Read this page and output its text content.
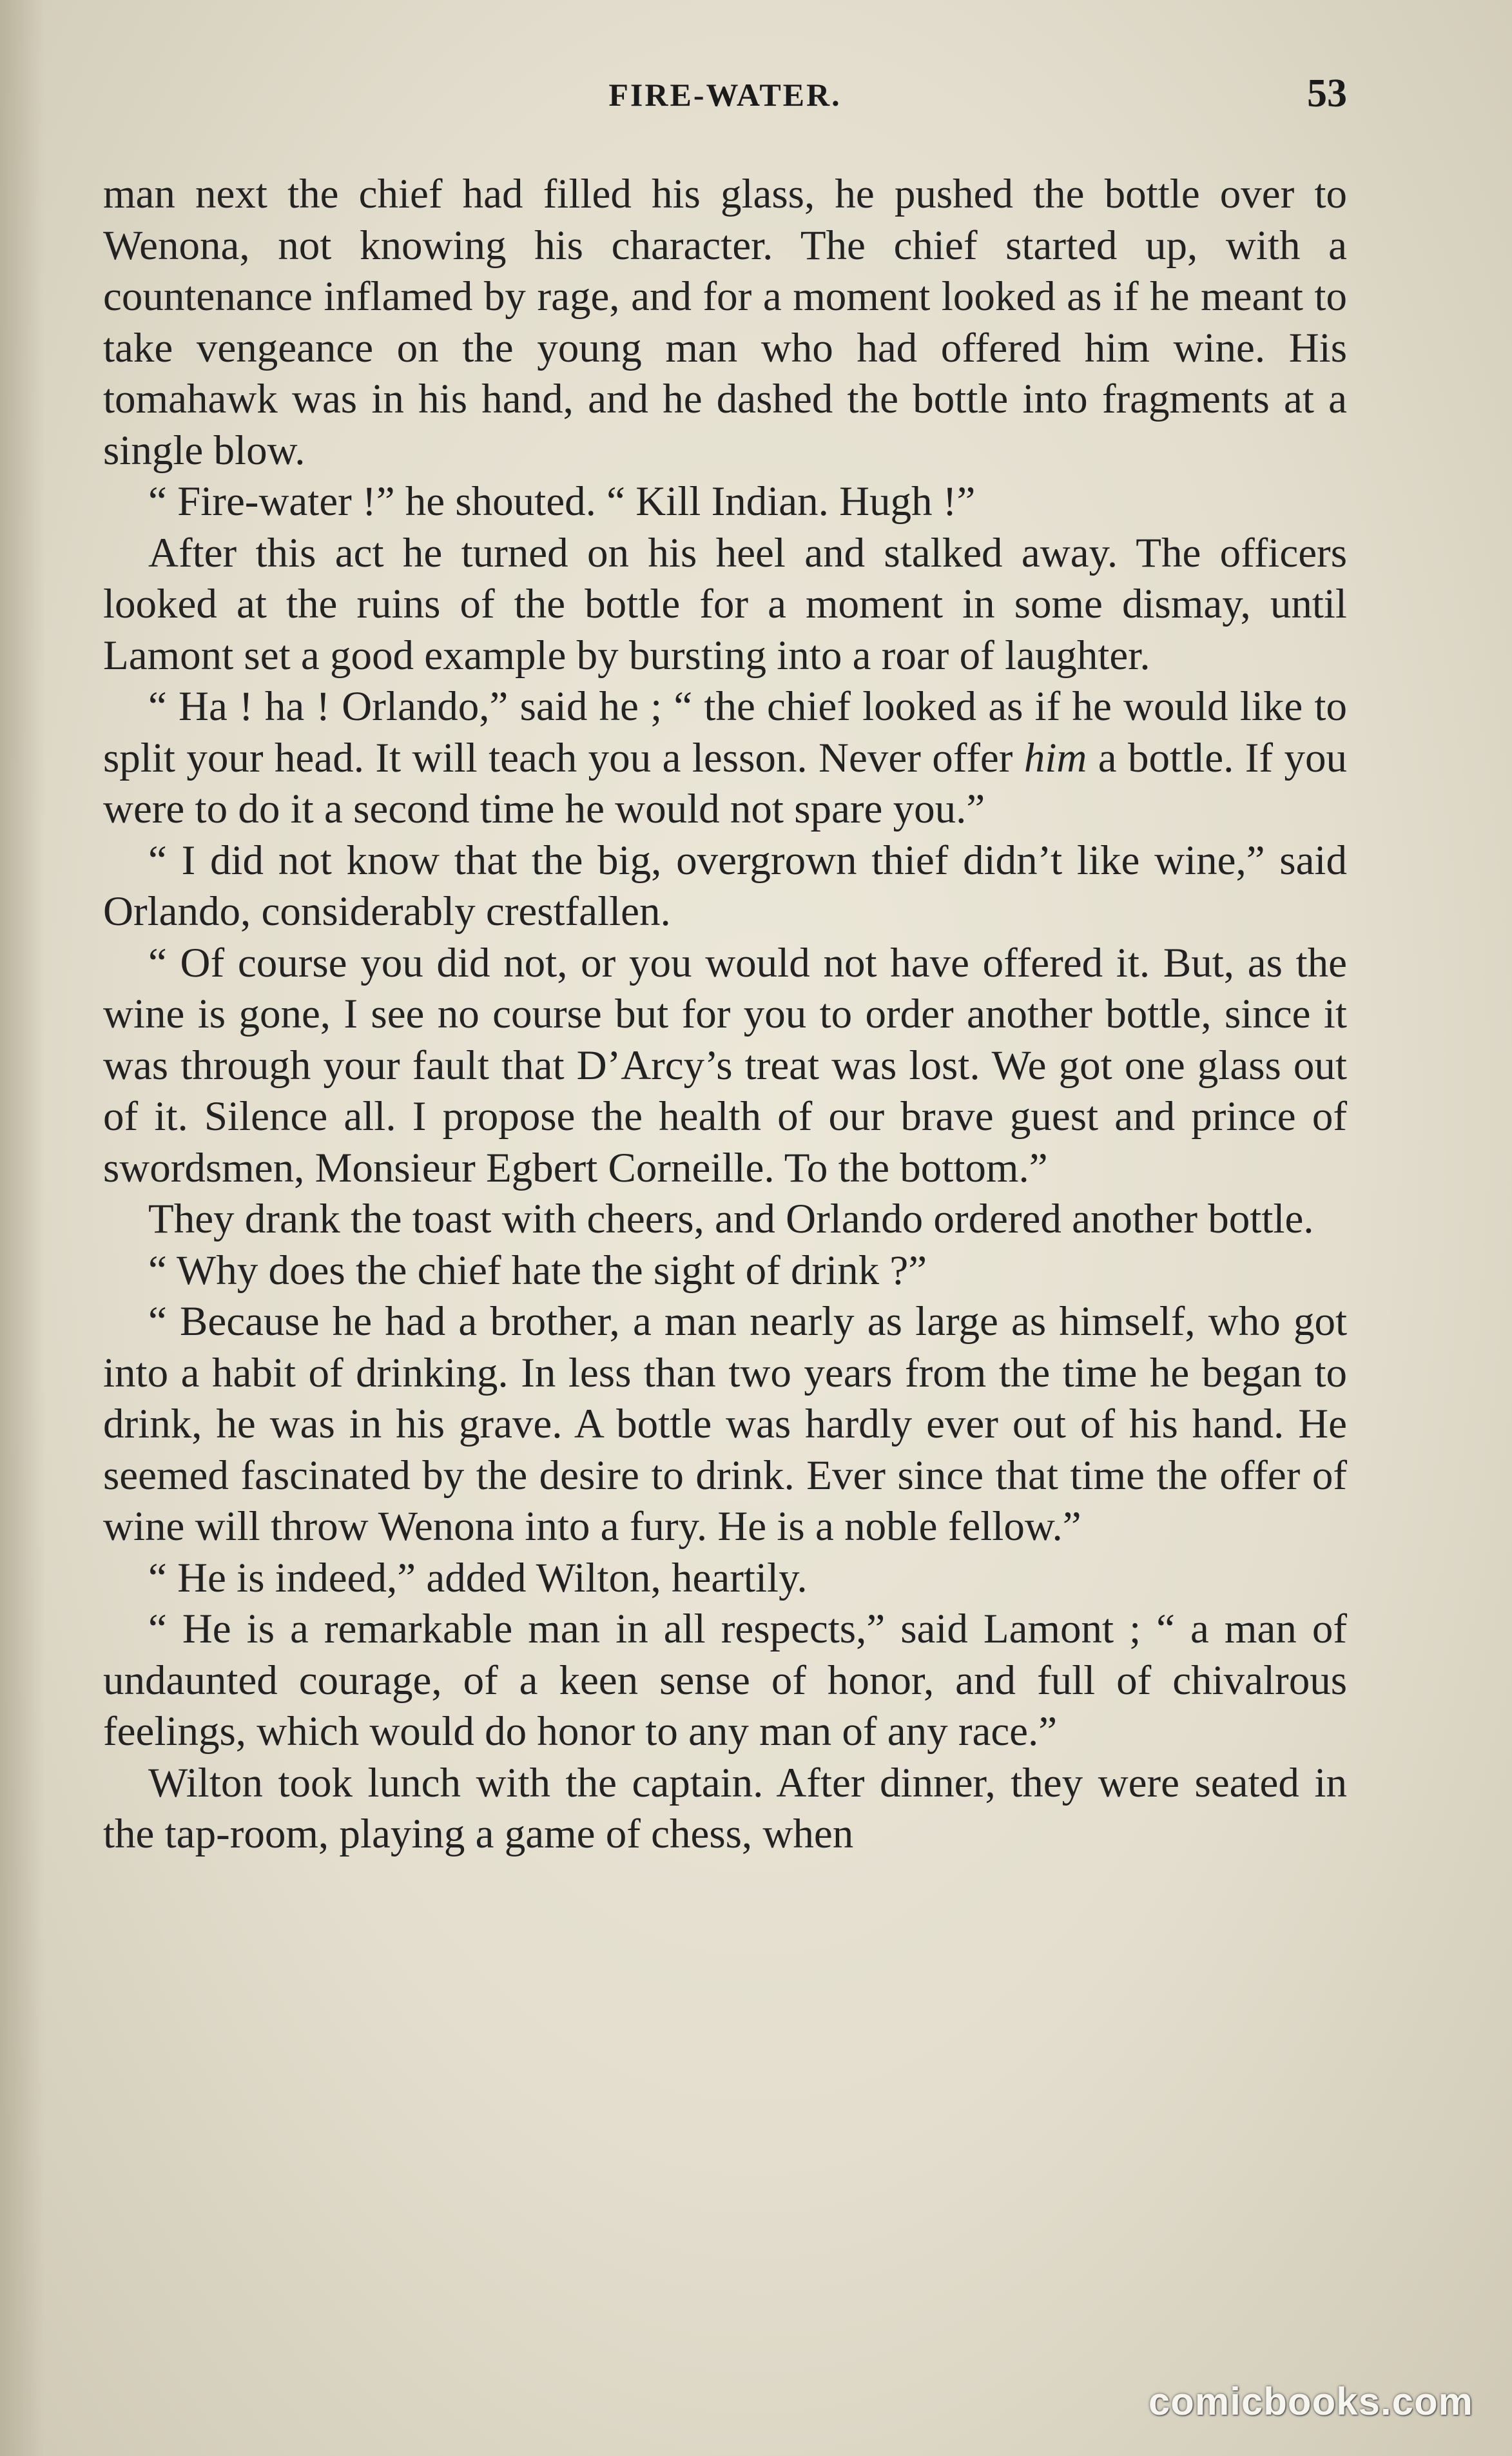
FIRE-WATER.	53

man next the chief had filled his glass, he pushed the bottle over to Wenona, not knowing his character. The chief started up, with a countenance inflamed by rage, and for a moment looked as if he meant to take vengeance on the young man who had offered him wine. His tomahawk was in his hand, and he dashed the bottle into fragments at a single blow.

“ Fire-water !” he shouted. “ Kill Indian. Hugh !”

After this act he turned on his heel and stalked away. The officers looked at the ruins of the bottle for a moment in some dismay, until Lamont set a good example by bursting into a roar of laughter.

“ Ha ! ha ! Orlando,” said he ; “ the chief looked as if he would like to split your head. It will teach you a lesson. Never offer him a bottle. If you were to do it a second time he would not spare you.”

“ I did not know that the big, overgrown thief didn’t like wine,” said Orlando, considerably crestfallen.

“ Of course you did not, or you would not have offered it. But, as the wine is gone, I see no course but for you to order another bottle, since it was through your fault that D’Arcy’s treat was lost. We got one glass out of it. Silence all. I propose the health of our brave guest and prince of swordsmen, Monsieur Egbert Corneille. To the bottom.”

They drank the toast with cheers, and Orlando ordered another bottle.

“ Why does the chief hate the sight of drink ?”

“ Because he had a brother, a man nearly as large as himself, who got into a habit of drinking. In less than two years from the time he began to drink, he was in his grave. A bottle was hardly ever out of his hand. He seemed fascinated by the desire to drink. Ever since that time the offer of wine will throw Wenona into a fury. He is a noble fellow.”

“ He is indeed,” added Wilton, heartily.

“ He is a remarkable man in all respects,” said Lamont ; “ a man of undaunted courage, of a keen sense of honor, and full of chivalrous feelings, which would do honor to any man of any race.”

Wilton took lunch with the captain. After dinner, they were seated in the tap-room, playing a game of chess, when

comicbooks.com
